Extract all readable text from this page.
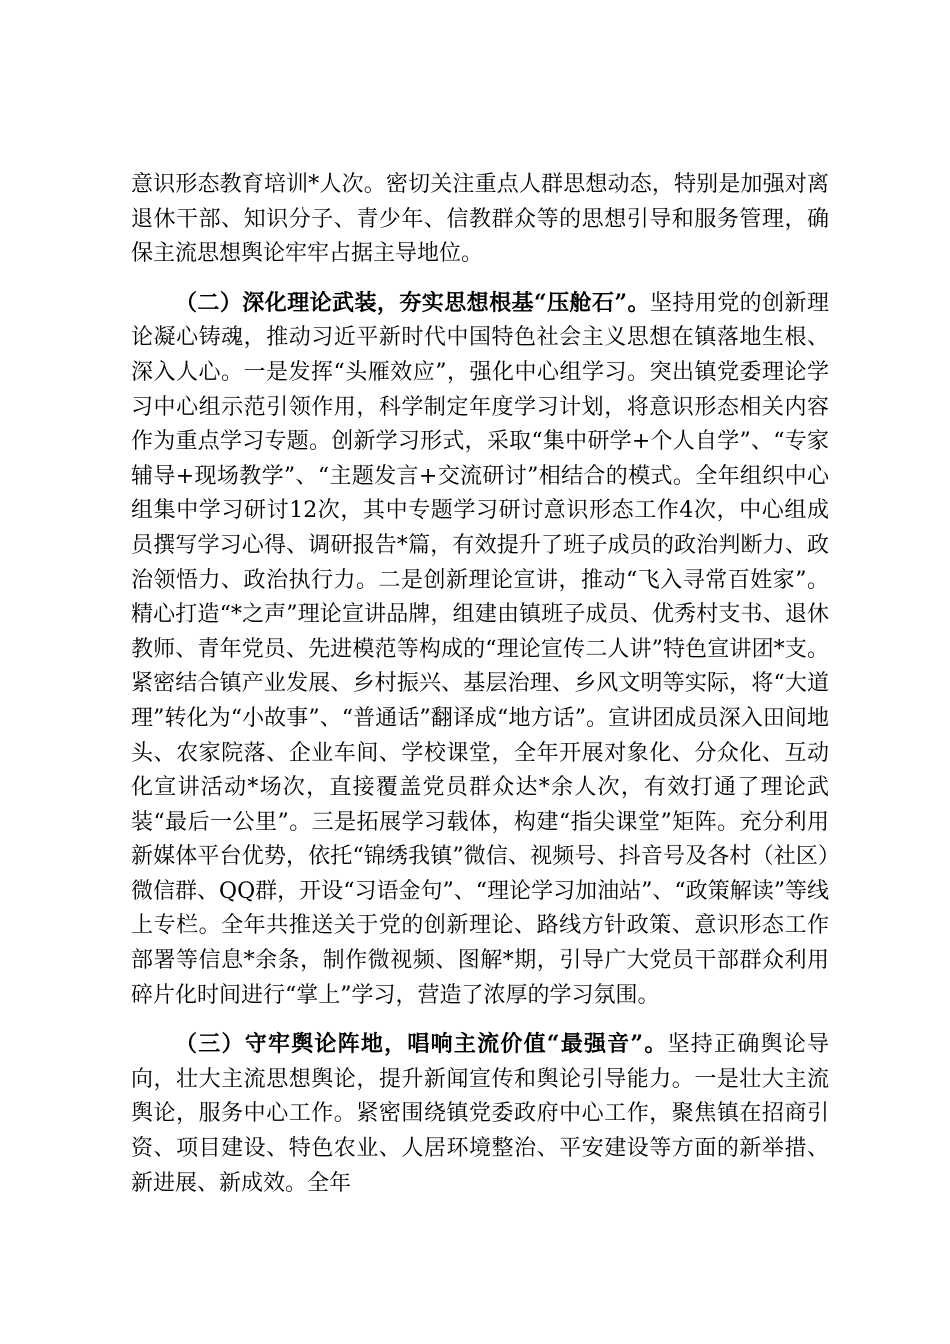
意识形态教育培训*人次。密切关注重点人群思想动态，特别是加强对离退休干部、知识分子、青少年、信教群众等的思想引导和服务管理，确保主流思想舆论牢牢占据主导地位。

（二）深化理论武装，夯实思想根基“压舱石”。坚持用党的创新理论凝心铸魂，推动习近平新时代中国特色社会主义思想在镇落地生根、深入人心。一是发挥“头雁效应”，强化中心组学习。突出镇党委理论学习中心组示范引领作用，科学制定年度学习计划，将意识形态相关内容作为重点学习专题。创新学习形式，采取“集中研学+个人自学”、“专家辅导+现场教学”、“主题发言+交流研讨”相结合的模式。全年组织中心组集中学习研讨12次，其中专题学习研讨意识形态工作4次，中心组成员撰写学习心得、调研报告*篇，有效提升了班子成员的政治判断力、政治领悟力、政治执行力。二是创新理论宣讲，推动“飞入寻常百姓家”。精心打造“*之声”理论宣讲品牌，组建由镇班子成员、优秀村支书、退休教师、青年党员、先进模范等构成的“理论宣传二人讲”特色宣讲团*支。紧密结合镇产业发展、乡村振兴、基层治理、乡风文明等实际，将“大道理”转化为“小故事”、“普通话”翻译成“地方话”。宣讲团成员深入田间地头、农家院落、企业车间、学校课堂，全年开展对象化、分众化、互动化宣讲活动*场次，直接覆盖党员群众达*余人次，有效打通了理论武装“最后一公里”。三是拓展学习载体，构建“指尖课堂”矩阵。充分利用新媒体平台优势，依托“锦绣我镇”微信、视频号、抖音号及各村（社区）微信群、QQ群，开设“习语金句”、“理论学习加油站”、“政策解读”等线上专栏。全年共推送关于党的创新理论、路线方针政策、意识形态工作部署等信息*余条，制作微视频、图解*期，引导广大党员干部群众利用碎片化时间进行“掌上”学习，营造了浓厚的学习氛围。

（三）守牢舆论阵地，唱响主流价值“最强音”。坚持正确舆论导向，壮大主流思想舆论，提升新闻宣传和舆论引导能力。一是壮大主流舆论，服务中心工作。紧密围绕镇党委政府中心工作，聚焦镇在招商引资、项目建设、特色农业、人居环境整治、平安建设等方面的新举措、新进展、新成效。全年
